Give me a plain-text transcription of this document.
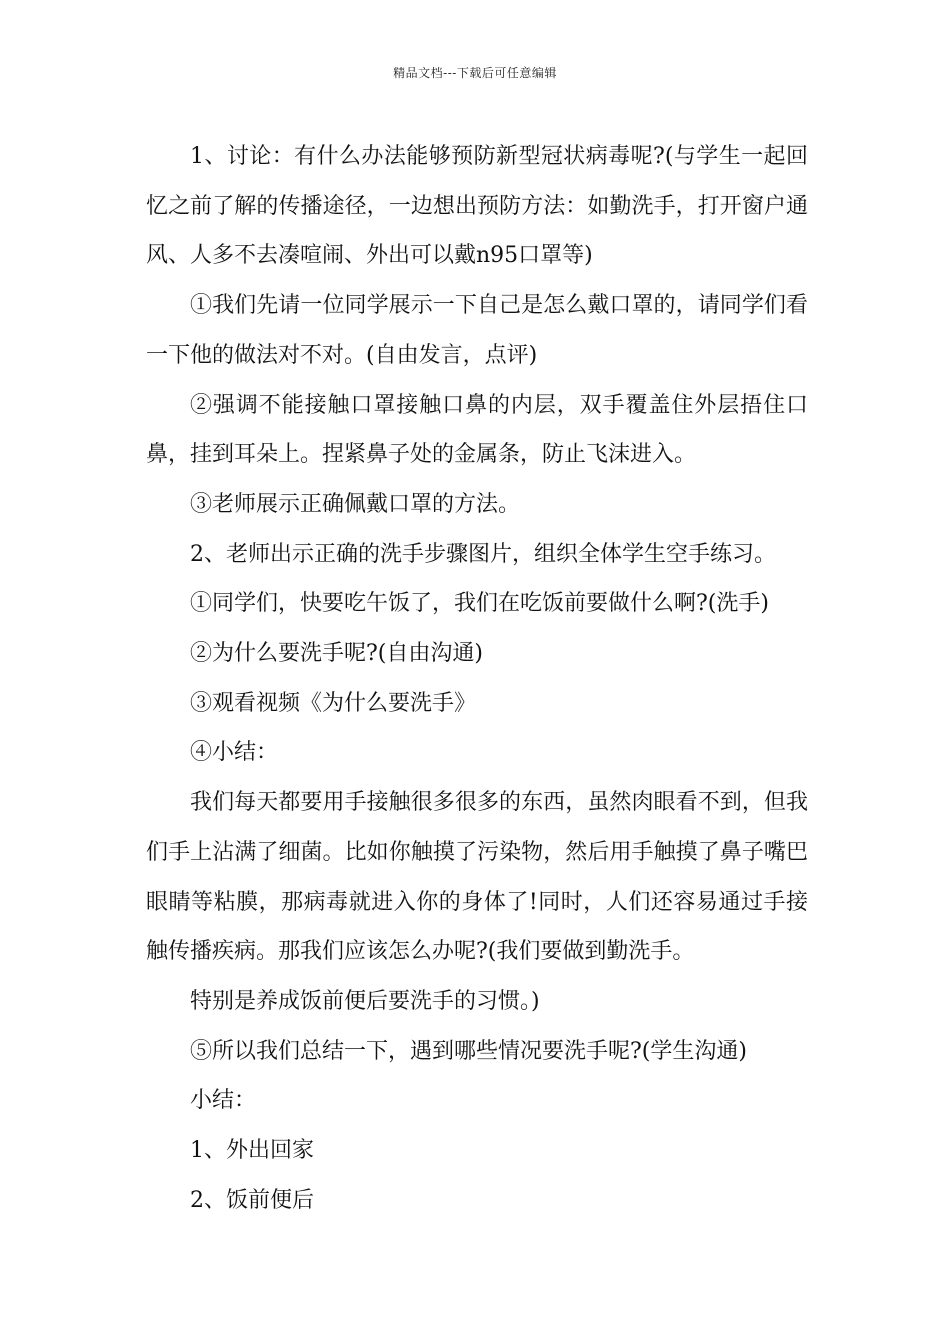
精品文档---下载后可任意编辑

1、讨论：有什么办法能够预防新型冠状病毒呢?(与学生一起回忆之前了解的传播途径，一边想出预防方法：如勤洗手，打开窗户通风、人多不去凑喧闹、外出可以戴n95口罩等)

①我们先请一位同学展示一下自己是怎么戴口罩的，请同学们看一下他的做法对不对。(自由发言，点评)

②强调不能接触口罩接触口鼻的内层，双手覆盖住外层捂住口鼻，挂到耳朵上。捏紧鼻子处的金属条，防止飞沫进入。

③老师展示正确佩戴口罩的方法。

2、老师出示正确的洗手步骤图片，组织全体学生空手练习。

①同学们，快要吃午饭了，我们在吃饭前要做什么啊?(洗手)

②为什么要洗手呢?(自由沟通)

③观看视频《为什么要洗手》

④小结：

我们每天都要用手接触很多很多的东西，虽然肉眼看不到，但我们手上沾满了细菌。比如你触摸了污染物，然后用手触摸了鼻子嘴巴眼睛等粘膜，那病毒就进入你的身体了!同时，人们还容易通过手接触传播疾病。那我们应该怎么办呢?(我们要做到勤洗手。

特别是养成饭前便后要洗手的习惯。)

⑤所以我们总结一下，遇到哪些情况要洗手呢?(学生沟通)

小结：

1、外出回家

2、饭前便后
